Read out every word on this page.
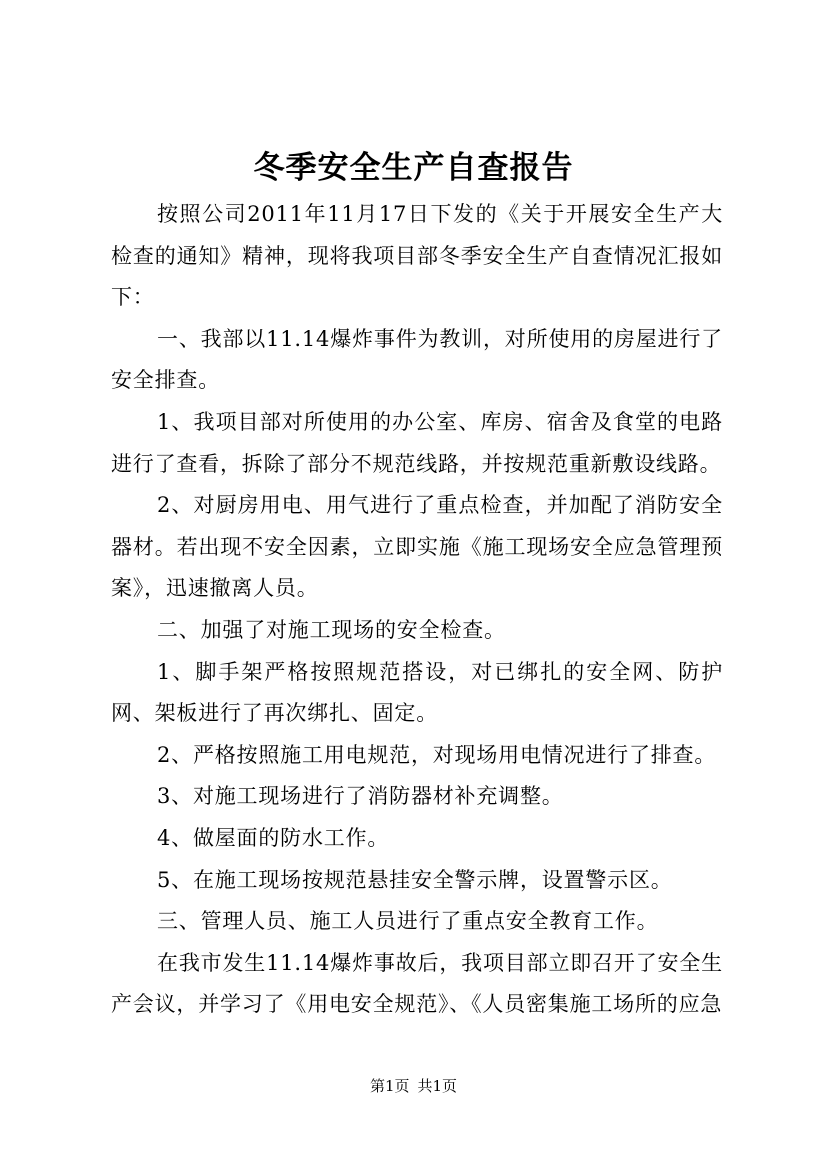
冬季安全生产自查报告

按照公司2011年11月17日下发的《关于开展安全生产大检查的通知》精神，现将我项目部冬季安全生产自查情况汇报如下：

一、我部以11.14爆炸事件为教训，对所使用的房屋进行了安全排查。

1、我项目部对所使用的办公室、库房、宿舍及食堂的电路进行了查看，拆除了部分不规范线路，并按规范重新敷设线路。

2、对厨房用电、用气进行了重点检查，并加配了消防安全器材。若出现不安全因素，立即实施《施工现场安全应急管理预案》，迅速撤离人员。

二、加强了对施工现场的安全检查。

1、脚手架严格按照规范搭设，对已绑扎的安全网、防护网、架板进行了再次绑扎、固定。

2、严格按照施工用电规范，对现场用电情况进行了排查。

3、对施工现场进行了消防器材补充调整。

4、做屋面的防水工作。

5、在施工现场按规范悬挂安全警示牌，设置警示区。

三、管理人员、施工人员进行了重点安全教育工作。

在我市发生11.14爆炸事故后，我项目部立即召开了安全生产会议，并学习了《用电安全规范》、《人员密集施工场所的应急

第1页 共1页
